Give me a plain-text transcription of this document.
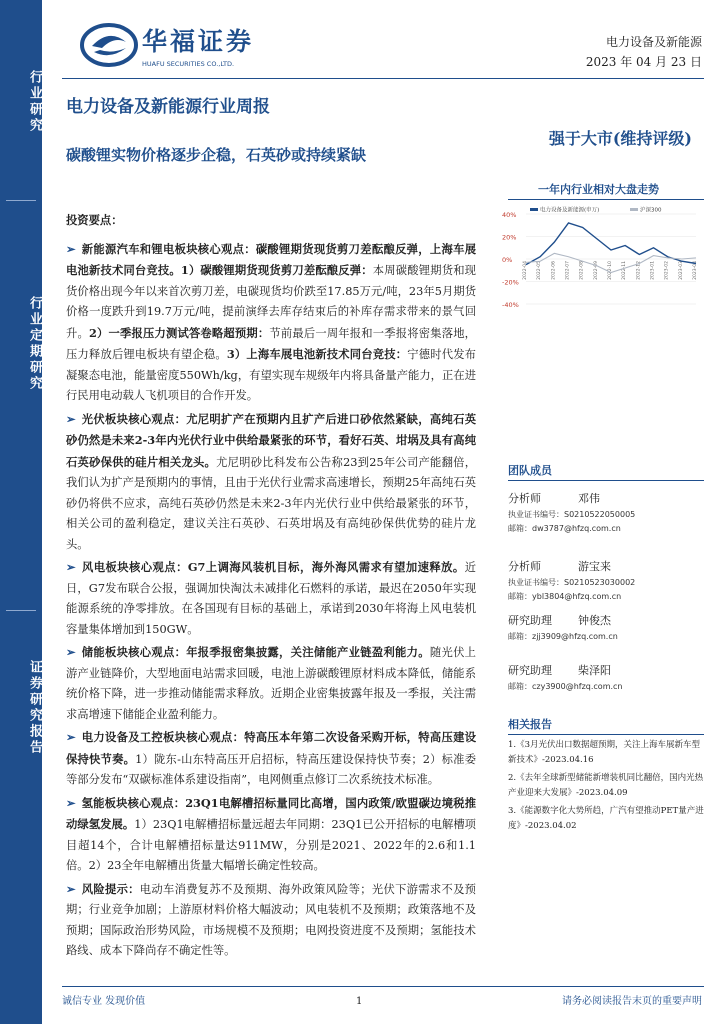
行业研究
行业定期研究
证券研究报告
华福证券
HUAFU SECURITIES CO.,LTD.
电力设备及新能源
2023 年 04 月 23 日
电力设备及新能源行业周报
强于大市(维持评级)
碳酸锂实物价格逐步企稳，石英砂或持续紧缺
一年内行业相对大盘走势
40%
20%
0%
-20%
-40%
2022-04 2022-05 2022-06 2022-07 2022-08 2022-09 2022-10 2022-11 2022-12 2023-01 2023-02 2023-03 2023-04
电力设备及新能源(申万)	沪深300
投资要点：
➢ 新能源汽车和锂电板块核心观点：碳酸锂期货现货剪刀差酝酿反弹，上海车展电池新技术同台竞技。1）碳酸锂期货现货剪刀差酝酿反弹：本周碳酸锂期货和现货价格出现今年以来首次剪刀差，电碳现货均价跌至17.85万元/吨，23年5月期货价格一度跌升到19.7万元/吨，提前演绎去库存结束后的补库存需求带来的景气回升。2）一季报压力测试答卷略超预期：节前最后一周年报和一季报将密集落地，压力释放后锂电板块有望企稳。3）上海车展电池新技术同台竞技：宁德时代发布凝聚态电池，能量密度550Wh/kg，有望实现车规级年内将具备量产能力，正在进行民用电动载人飞机项目的合作开发。
➢ 光伏板块核心观点：尤尼明扩产在预期内且扩产后进口砂依然紧缺，高纯石英砂仍然是未来2-3年内光伏行业中供给最紧张的环节，看好石英、坩埚及具有高纯石英砂保供的硅片相关龙头。尤尼明砂比科发布公告称23到25年公司产能翻倍，我们认为扩产是预期内的事情，且由于光伏行业需求高速增长，预期25年高纯石英砂仍将供不应求，高纯石英砂仍然是未来2-3年内光伏行业中供给最紧张的环节，相关公司的盈利稳定，建议关注石英砂、石英坩埚及有高纯砂保供优势的硅片龙头。
➢ 风电板块核心观点：G7上调海风装机目标，海外海风需求有望加速释放。近日，G7发布联合公报，强调加快淘汰未减排化石燃料的承诺，最迟在2050年实现能源系统的净零排放。在各国现有目标的基础上，承诺到2030年将海上风电装机容量集体增加到150GW。
➢ 储能板块核心观点：年报季报密集披露，关注储能产业链盈利能力。随光伏上游产业链降价，大型地面电站需求回暖，电池上游碳酸锂原材料成本降低，储能系统价格下降，进一步推动储能需求释放。近期企业密集披露年报及一季报，关注需求高增速下储能企业盈利能力。
➢ 电力设备及工控板块核心观点：特高压本年第二次设备采购开标，特高压建设保持快节奏。1）陇东-山东特高压开启招标，特高压建设保持快节奏；2）标准委等部分发布“双碳标准体系建设指南”，电网侧重点修订二次系统技术标准。
➢ 氢能板块核心观点：23Q1电解槽招标量同比高增，国内政策/欧盟碳边境税推动绿氢发展。1）23Q1电解槽招标量远超去年同期：23Q1已公开招标的电解槽项目超14个，合计电解槽招标量达911MW，分别是2021、2022年的2.6和1.1倍。2）23全年电解槽出货量大幅增长确定性较高。
➢ 风险提示：电动车消费复苏不及预期、海外政策风险等；光伏下游需求不及预期；行业竞争加剧；上游原材料价格大幅波动；风电装机不及预期；政策落地不及预期；国际政治形势风险，市场规模不及预期；电网投资进度不及预期；氢能技术路线、成本下降尚存不确定性等。
团队成员
分析师	邓伟
执业证书编号：S0210522050005
邮箱：dw3787@hfzq.com.cn
分析师	游宝来
执业证书编号：S0210523030002
邮箱：ybl3804@hfzq.com.cn
研究助理	钟俊杰
邮箱：zjj3909@hfzq.com.cn
研究助理	柴泽阳
邮箱：czy3900@hfzq.com.cn
相关报告
1.《3月光伏出口数据超预期，关注上海车展新车型新技术》-2023.04.16
2.《去年全球新型储能新增装机同比翻倍，国内光热产业迎来大发展》-2023.04.09
3.《能源数字化大势所趋，广汽有望推动PET量产进度》-2023.04.02
诚信专业 发现价值	1	请务必阅读报告末页的重要声明
